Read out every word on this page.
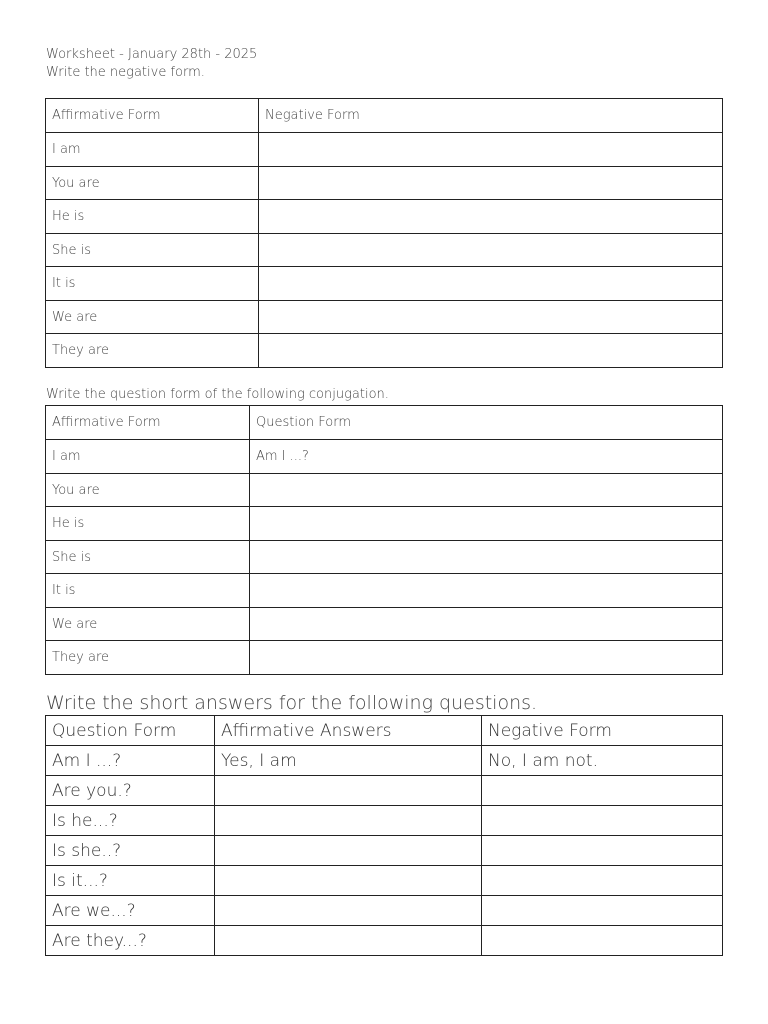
Worksheet - January 28th - 2025
Write the negative form.
Affirmative Form	Negative Form
I am	
You are	
He is	
She is	
It is	
We are	
They are	
Write the question form of the following conjugation.
Affirmative Form	Question Form
I am	Am I ...?
You are	
He is	
She is	
It is	
We are	
They are	
Write the short answers for the following questions.
Question Form	Affirmative Answers	Negative Form
Am I ...?	Yes, I am	No, I am not.
Are you.?		
Is he...?		
Is she..?		
Is it...?		
Are we...?		
Are they...?		
